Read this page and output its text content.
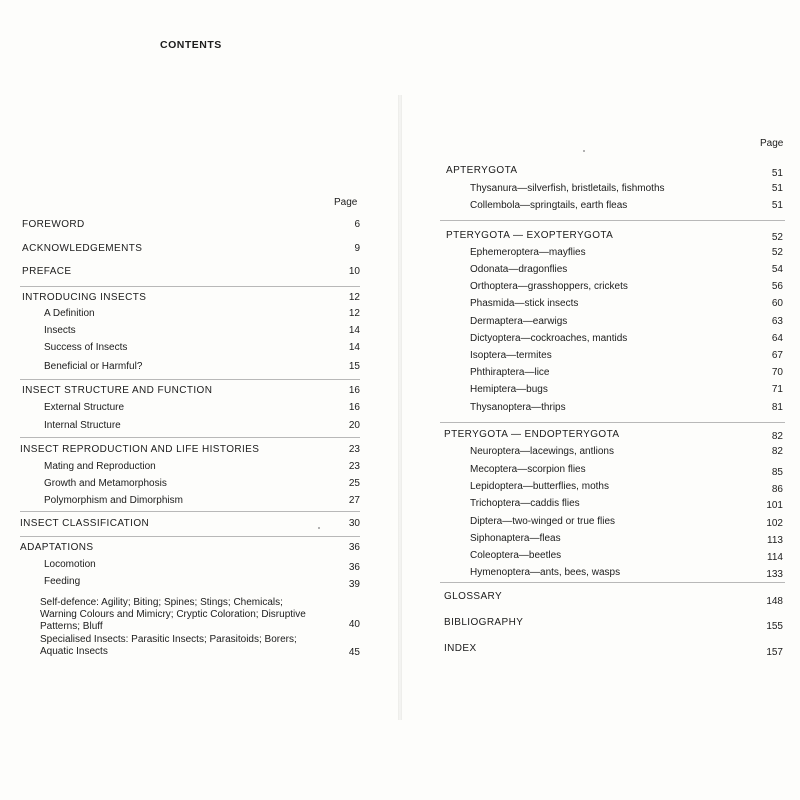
CONTENTS
Page
Page
FOREWORD	6
ACKNOWLEDGEMENTS	9
PREFACE	10
INTRODUCING INSECTS	12
A Definition	12
Insects	14
Success of Insects	14
Beneficial or Harmful?	15
INSECT STRUCTURE AND FUNCTION	16
External Structure	16
Internal Structure	20
INSECT REPRODUCTION AND LIFE HISTORIES	23
Mating and Reproduction	23
Growth and Metamorphosis	25
Polymorphism and Dimorphism	27
INSECT CLASSIFICATION	30
ADAPTATIONS	36
Locomotion	36
Feeding	39
Self-defence: Agility; Biting; Spines; Stings; Chemicals; Warning Colours and Mimicry; Cryptic Coloration; Disruptive Patterns; Bluff	40
Specialised Insects: Parasitic Insects; Parasitoids; Borers; Aquatic Insects	45
APTERYGOTA	51
Thysanura—silverfish, bristletails, fishmoths	51
Collembola—springtails, earth fleas	51
PTERYGOTA — EXOPTERYGOTA	52
Ephemeroptera—mayflies	52
Odonata—dragonflies	54
Orthoptera—grasshoppers, crickets	56
Phasmida—stick insects	60
Dermaptera—earwigs	63
Dictyoptera—cockroaches, mantids	64
Isoptera—termites	67
Phthiraptera—lice	70
Hemiptera—bugs	71
Thysanoptera—thrips	81
PTERYGOTA — ENDOPTERYGOTA	82
Neuroptera—lacewings, antlions	82
Mecoptera—scorpion flies	85
Lepidoptera—butterflies, moths	86
Trichoptera—caddis flies	101
Diptera—two-winged or true flies	102
Siphonaptera—fleas	113
Coleoptera—beetles	114
Hymenoptera—ants, bees, wasps	133
GLOSSARY	148
BIBLIOGRAPHY	155
INDEX	157
